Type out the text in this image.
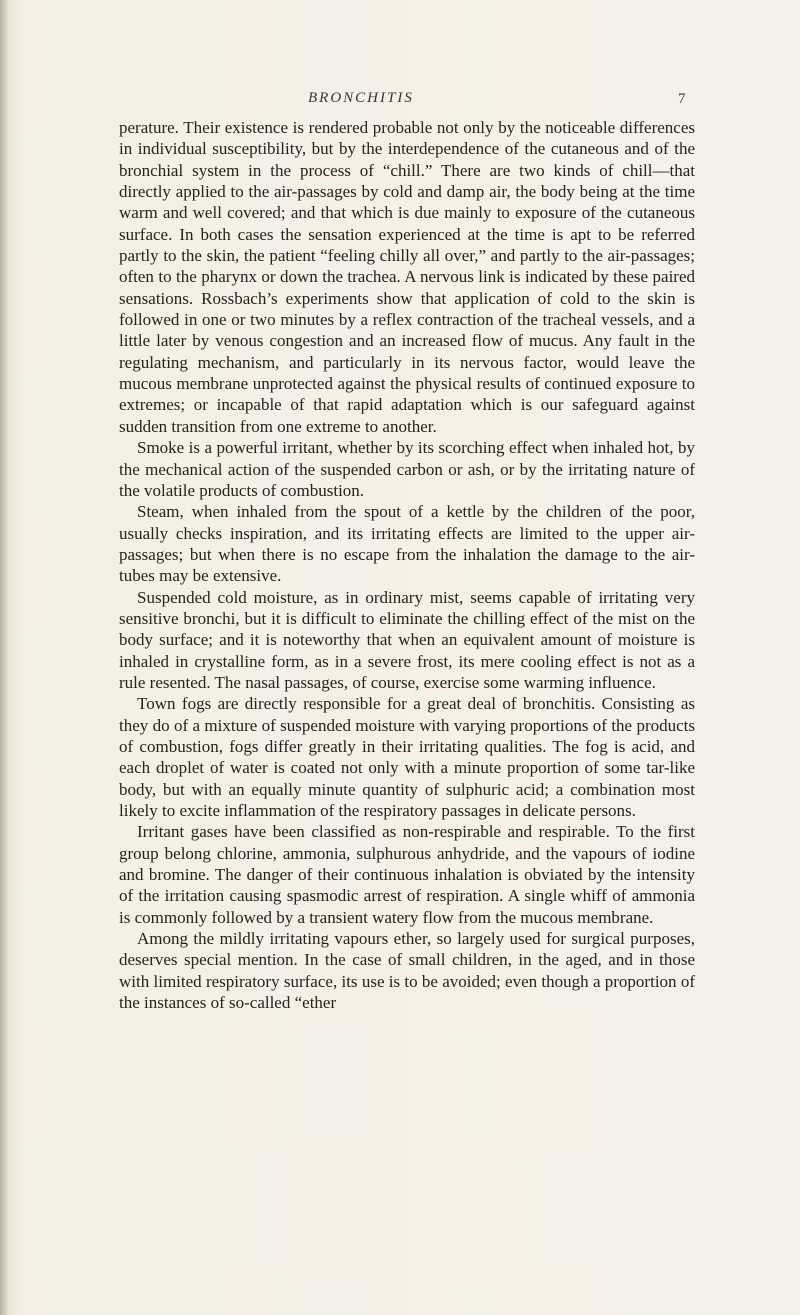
BRONCHITIS	7

perature. Their existence is rendered probable not only by the noticeable differences in individual susceptibility, but by the interdependence of the cutaneous and of the bronchial system in the process of “chill.” There are two kinds of chill—that directly applied to the air-passages by cold and damp air, the body being at the time warm and well covered; and that which is due mainly to exposure of the cutaneous surface. In both cases the sensation experienced at the time is apt to be referred partly to the skin, the patient “feeling chilly all over,” and partly to the air-passages; often to the pharynx or down the trachea. A nervous link is indicated by these paired sensations. Rossbach’s experiments show that application of cold to the skin is followed in one or two minutes by a reflex contraction of the tracheal vessels, and a little later by venous congestion and an increased flow of mucus. Any fault in the regulating mechanism, and particularly in its nervous factor, would leave the mucous membrane unprotected against the physical results of continued exposure to extremes; or incapable of that rapid adaptation which is our safeguard against sudden transition from one extreme to another.

Smoke is a powerful irritant, whether by its scorching effect when inhaled hot, by the mechanical action of the suspended carbon or ash, or by the irritating nature of the volatile products of combustion.

Steam, when inhaled from the spout of a kettle by the children of the poor, usually checks inspiration, and its irritating effects are limited to the upper air-passages; but when there is no escape from the inhalation the damage to the air-tubes may be extensive.

Suspended cold moisture, as in ordinary mist, seems capable of irritating very sensitive bronchi, but it is difficult to eliminate the chilling effect of the mist on the body surface; and it is noteworthy that when an equivalent amount of moisture is inhaled in crystalline form, as in a severe frost, its mere cooling effect is not as a rule resented. The nasal passages, of course, exercise some warming influence.

Town fogs are directly responsible for a great deal of bronchitis. Consisting as they do of a mixture of suspended moisture with varying proportions of the products of combustion, fogs differ greatly in their irritating qualities. The fog is acid, and each droplet of water is coated not only with a minute proportion of some tar-like body, but with an equally minute quantity of sulphuric acid; a combination most likely to excite inflammation of the respiratory passages in delicate persons.

Irritant gases have been classified as non-respirable and respirable. To the first group belong chlorine, ammonia, sulphurous anhydride, and the vapours of iodine and bromine. The danger of their continuous inhalation is obviated by the intensity of the irritation causing spasmodic arrest of respiration. A single whiff of ammonia is commonly followed by a transient watery flow from the mucous membrane.

Among the mildly irritating vapours ether, so largely used for surgical purposes, deserves special mention. In the case of small children, in the aged, and in those with limited respiratory surface, its use is to be avoided; even though a proportion of the instances of so-called “ether
